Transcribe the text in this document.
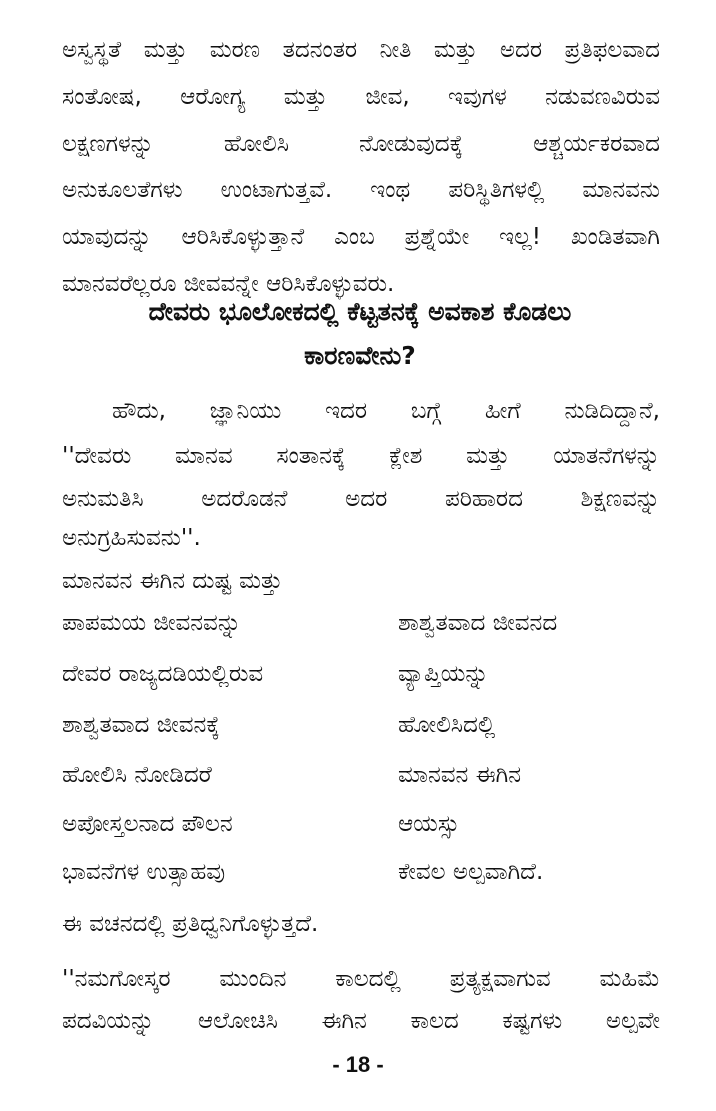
ಅಸ್ವಸ್ಥತೆ ಮತ್ತು ಮರಣ ತದನಂತರ ನೀತಿ ಮತ್ತು ಅದರ ಪ್ರತಿಫಲವಾದ
ಸಂತೋಷ, ಆರೋಗ್ಯ ಮತ್ತು ಜೀವ, ಇವುಗಳ ನಡುವಣವಿರುವ
ಲಕ್ಷಣಗಳನ್ನು ಹೋಲಿಸಿ ನೋಡುವುದಕ್ಕೆ ಆಶ್ಚರ್ಯಕರವಾದ
ಅನುಕೂಲತೆಗಳು ಉಂಟಾಗುತ್ತವೆ. ಇಂಥ ಪರಿಸ್ಥಿತಿಗಳಲ್ಲಿ ಮಾನವನು
ಯಾವುದನ್ನು ಆರಿಸಿಕೊಳ್ಳುತ್ತಾನೆ ಎಂಬ ಪ್ರಶ್ನೆಯೇ ಇಲ್ಲ! ಖಂಡಿತವಾಗಿ
ಮಾನವರೆಲ್ಲರೂ ಜೀವವನ್ನೇ ಆರಿಸಿಕೊಳ್ಳುವರು.
ದೇವರು ಭೂಲೋಕದಲ್ಲಿ ಕೆಟ್ಟತನಕ್ಕೆ ಅವಕಾಶ ಕೊಡಲು
ಕಾರಣವೇನು?
ಹೌದು, ಜ್ಞಾನಿಯು ಇದರ ಬಗ್ಗೆ ಹೀಗೆ ನುಡಿದಿದ್ದಾನೆ,
''ದೇವರು ಮಾನವ ಸಂತಾನಕ್ಕೆ ಕ್ಲೇಶ ಮತ್ತು ಯಾತನೆಗಳನ್ನು
ಅನುಮತಿಸಿ ಅದರೊಡನೆ ಅದರ ಪರಿಹಾರದ ಶಿಕ್ಷಣವನ್ನು
ಅನುಗ್ರಹಿಸುವನು''.
ಮಾನವನ ಈಗಿನ ದುಷ್ಟ ಮತ್ತು
ಪಾಪಮಯ ಜೀವನವನ್ನು	ಶಾಶ್ವತವಾದ ಜೀವನದ
ದೇವರ ರಾಜ್ಯದಡಿಯಲ್ಲಿರುವ	ವ್ಯಾಪ್ತಿಯನ್ನು
ಶಾಶ್ವತವಾದ ಜೀವನಕ್ಕೆ	ಹೋಲಿಸಿದಲ್ಲಿ
ಹೋಲಿಸಿ ನೋಡಿದರೆ	ಮಾನವನ ಈಗಿನ
ಅಪೋಸ್ತಲನಾದ ಪೌಲನ	ಆಯಸ್ಸು
ಭಾವನೆಗಳ ಉತ್ಸಾಹವು	ಕೇವಲ ಅಲ್ಪವಾಗಿದೆ.
ಈ ವಚನದಲ್ಲಿ ಪ್ರತಿಧ್ವನಿಗೊಳ್ಳುತ್ತದೆ.
''ನಮಗೋಸ್ಕರ ಮುಂದಿನ ಕಾಲದಲ್ಲಿ ಪ್ರತ್ಯಕ್ಷವಾಗುವ ಮಹಿಮೆ
ಪದವಿಯನ್ನು ಆಲೋಚಿಸಿ ಈಗಿನ ಕಾಲದ ಕಷ್ಟಗಳು ಅಲ್ಪವೇ
- 18 -
